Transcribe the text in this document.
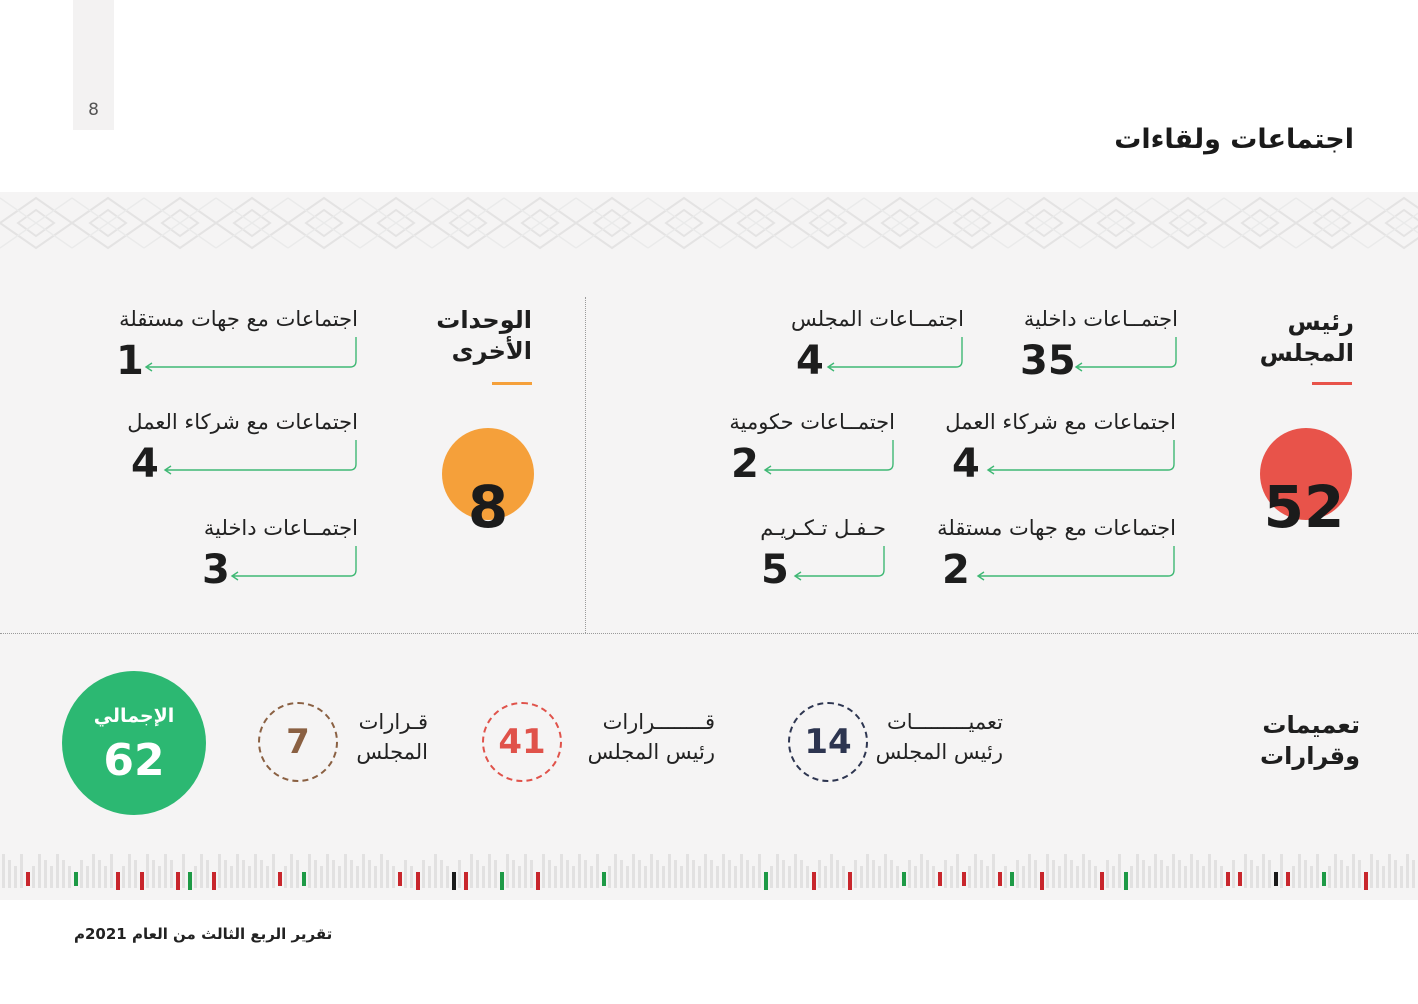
8
اجتماعات ولقاءات
رئيس
المجلس
52
اجتمــاعات داخلية
35
اجتمــاعات المجلس
4
اجتماعات مع شركاء العمل
4
اجتمــاعات حكومية
2
اجتماعات مع جهات مستقلة
2
حـفـل تـكـريـم
5
الوحدات
الأخرى
8
اجتماعات مع جهات مستقلة
1
اجتماعات مع شركاء العمل
4
اجتمــاعات داخلية
3
تعميمات
وقرارات
تعميـــــــــات
رئيس المجلس
14
قــــــــرارات
رئيس المجلس
41
قـرارات
المجلس
7
الإجمالي
62
تقرير الربع الثالث من العام 2021م
